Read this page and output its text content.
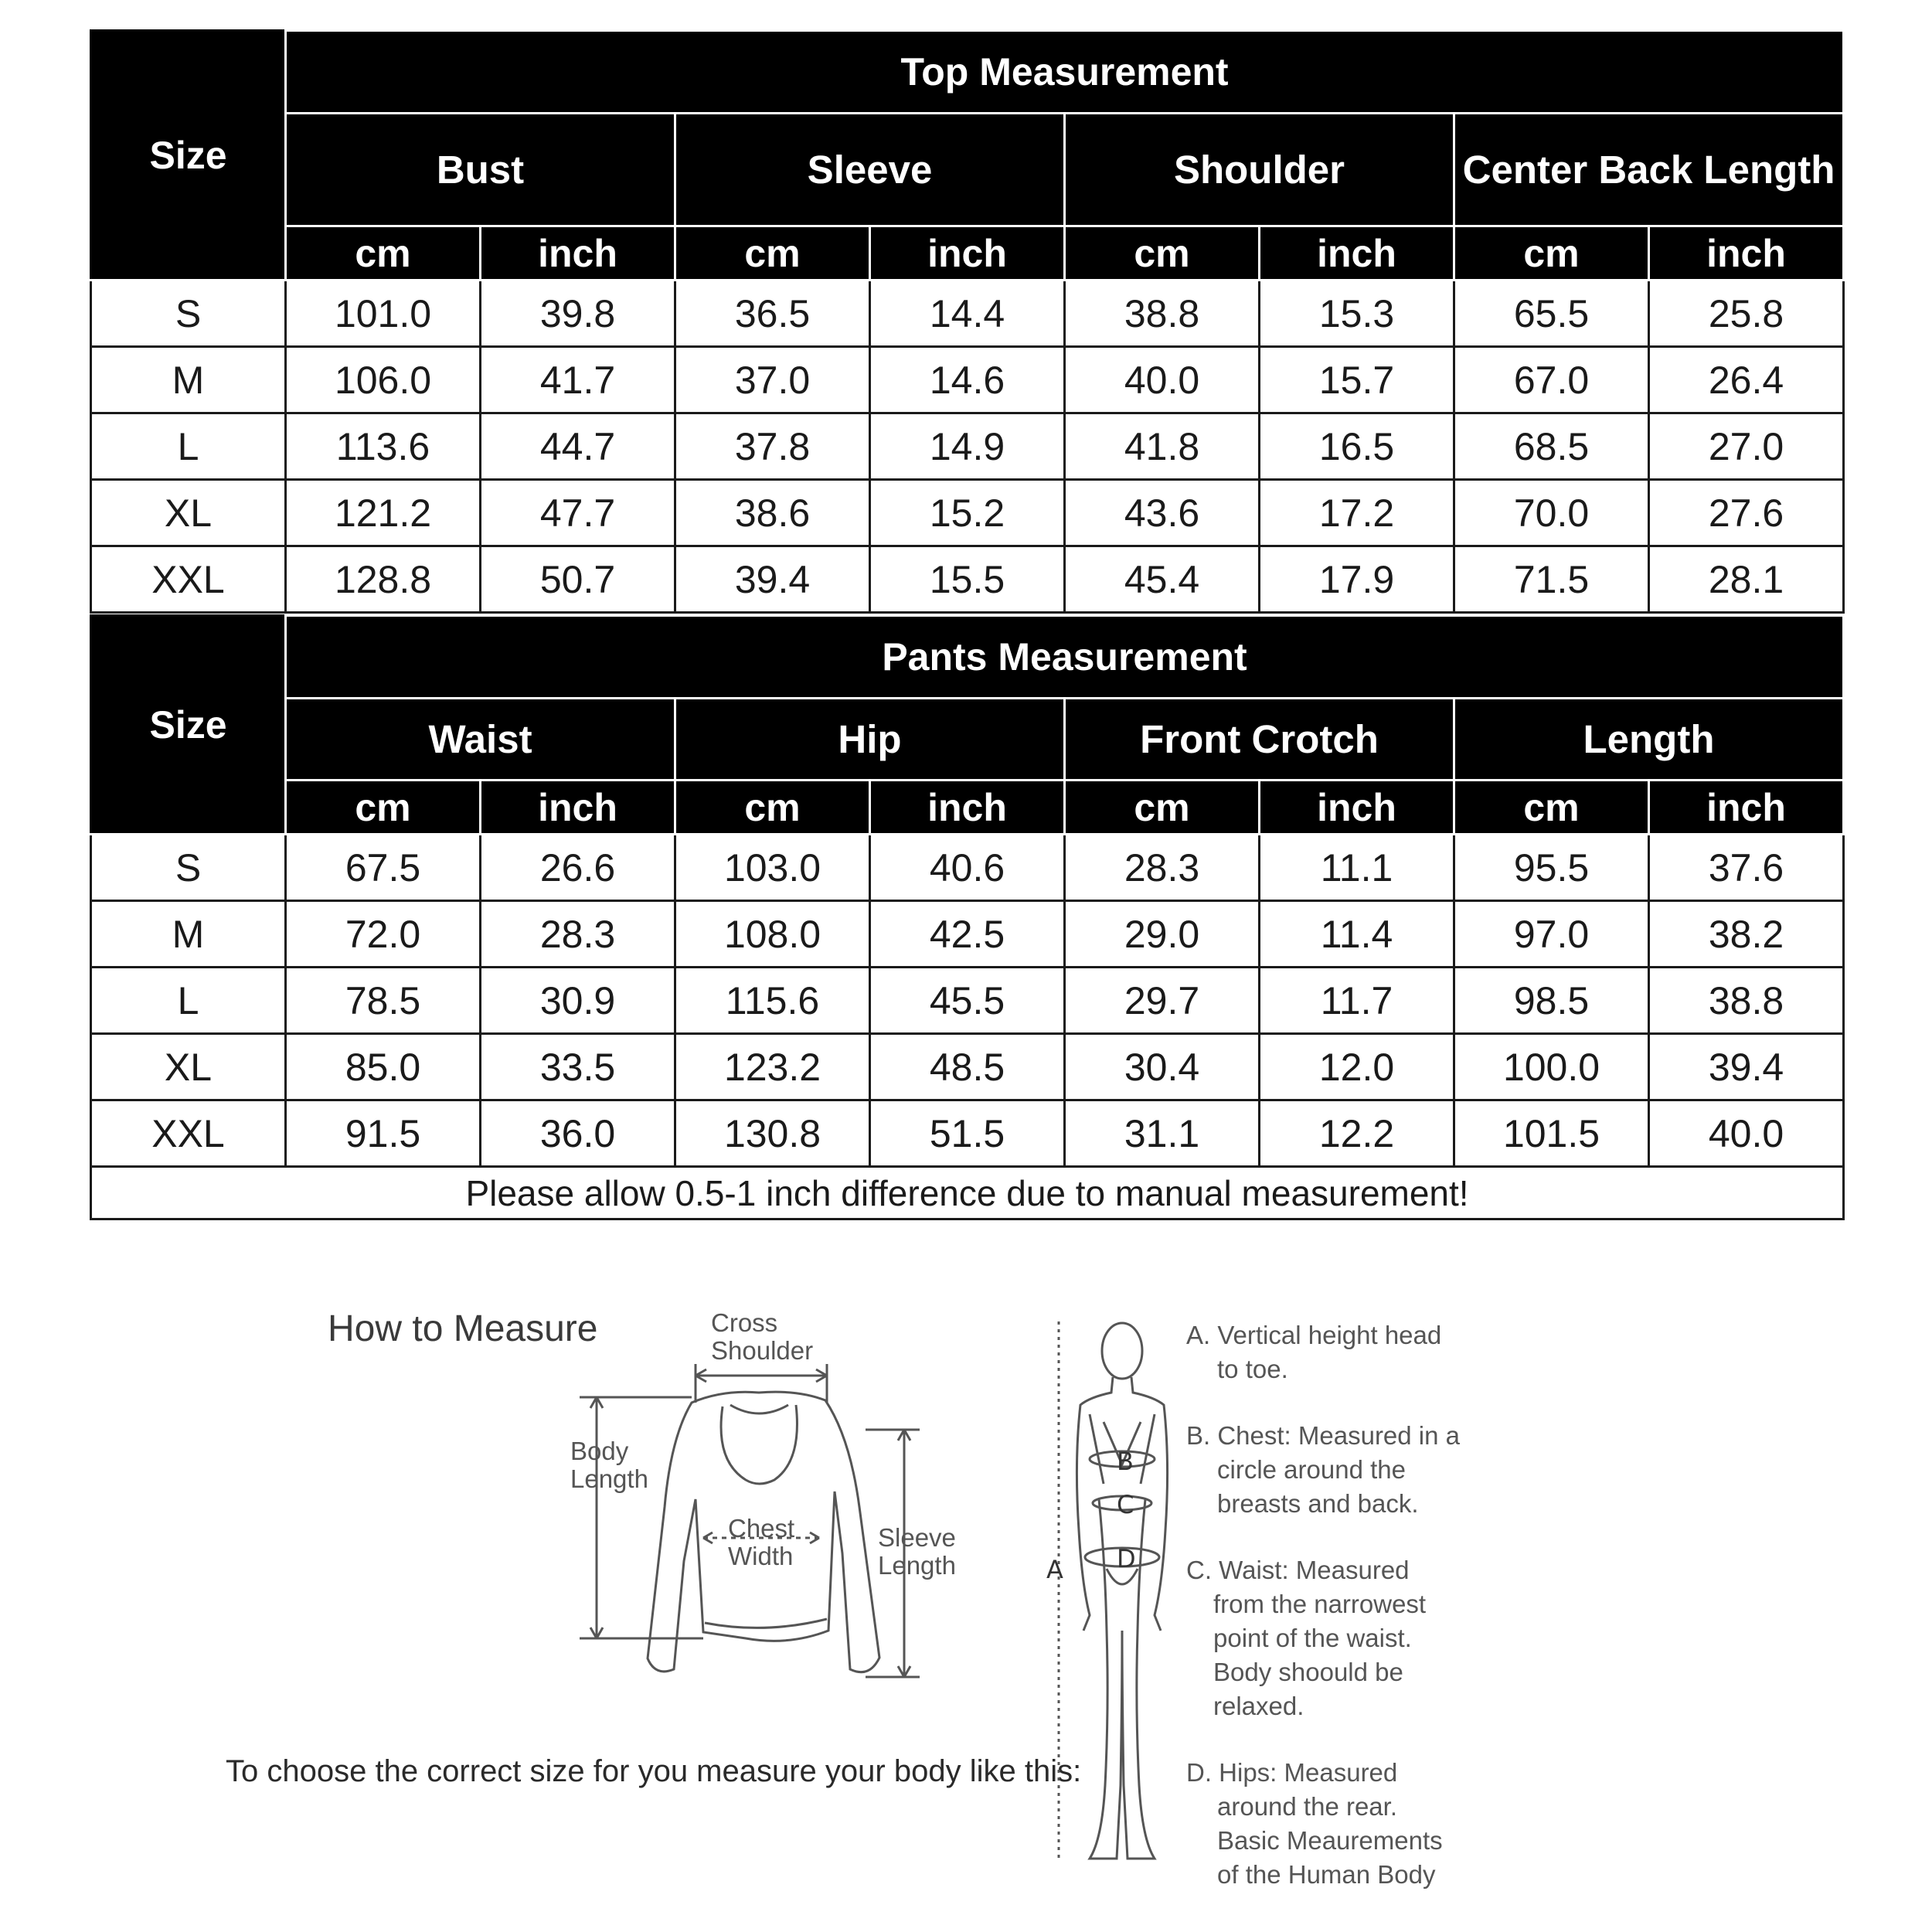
Size	Top Measurement							
	Bust		Sleeve		Shoulder		Center Back Length	
	cm	inch	cm	inch	cm	inch	cm	inch
S	101.0	39.8	36.5	14.4	38.8	15.3	65.5	25.8
M	106.0	41.7	37.0	14.6	40.0	15.7	67.0	26.4
L	113.6	44.7	37.8	14.9	41.8	16.5	68.5	27.0
XL	121.2	47.7	38.6	15.2	43.6	17.2	70.0	27.6
XXL	128.8	50.7	39.4	15.5	45.4	17.9	71.5	28.1
Size	Pants Measurement							
	Waist		Hip		Front Crotch		Length	
	cm	inch	cm	inch	cm	inch	cm	inch
S	67.5	26.6	103.0	40.6	28.3	11.1	95.5	37.6
M	72.0	28.3	108.0	42.5	29.0	11.4	97.0	38.2
L	78.5	30.9	115.6	45.5	29.7	11.7	98.5	38.8
XL	85.0	33.5	123.2	48.5	30.4	12.0	100.0	39.4
XXL	91.5	36.0	130.8	51.5	31.1	12.2	101.5	40.0
Please allow 0.5-1 inch difference due to manual measurement!								
How to Measure	Cross
Shoulder
Body
Length
Chest
Width
Sleeve
Length
To choose the correct size for you measure your body like this:
B
C
D
A
A. Vertical height head
to toe.
B. Chest: Measured in a
circle around the
breasts and back.
C. Waist: Measured
from the narrowest
point of the waist.
Body shoould be
relaxed.
D. Hips: Measured
around the rear.
Basic Meaurements
of the Human Body
